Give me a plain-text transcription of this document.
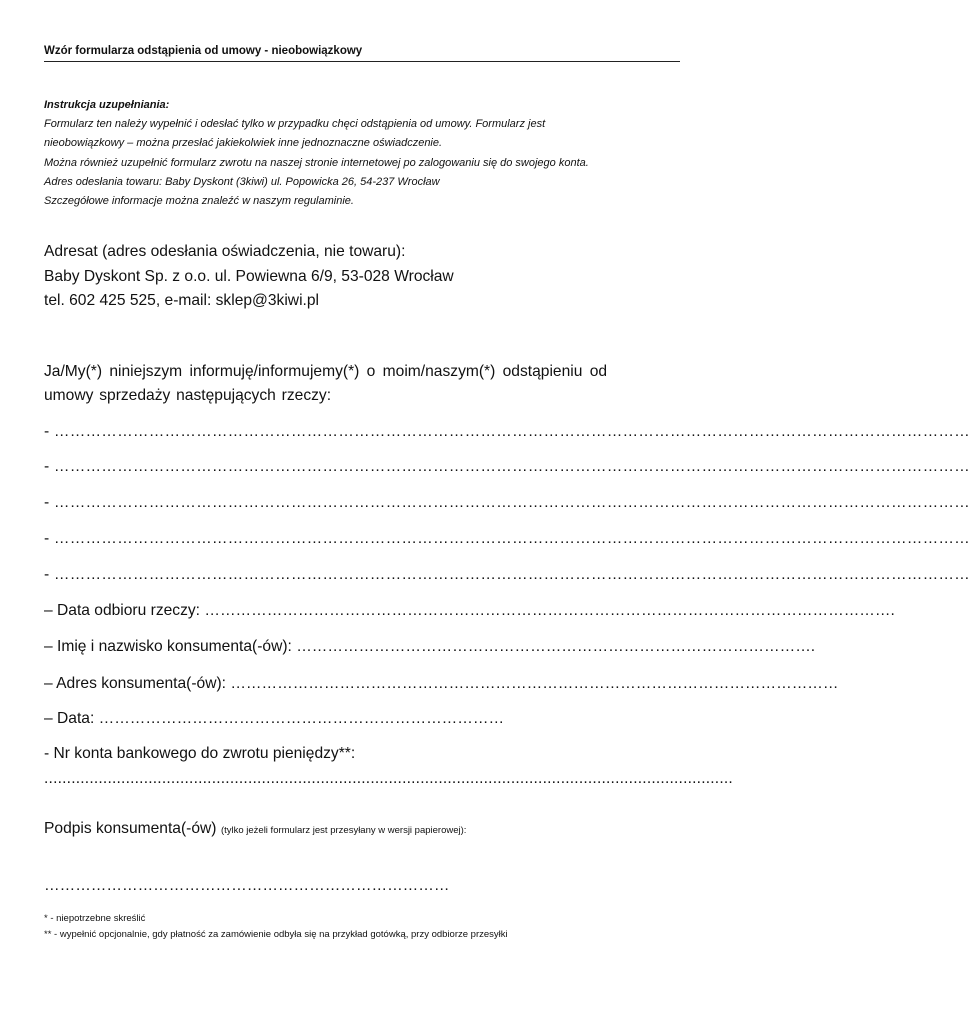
Wzór formularza odstąpienia od umowy - nieobowiązkowy
Instrukcja uzupełniania:
Formularz ten należy wypełnić i odesłać tylko w przypadku chęci odstąpienia od umowy. Formularz jest
nieobowiązkowy – można przesłać jakiekolwiek inne jednoznaczne oświadczenie.
Można również uzupełnić formularz zwrotu na naszej stronie internetowej po zalogowaniu się do swojego konta.
Adres odesłania towaru: Baby Dyskont (3kiwi) ul. Popowicka 26, 54-237 Wrocław
Szczegółowe informacje można znaleźć w naszym regulaminie.
Adresat (adres odesłania oświadczenia, nie towaru):
Baby Dyskont Sp. z o.o. ul. Powiewna 6/9, 53-028 Wrocław
tel. 602 425 525, e-mail: sklep@3kiwi.pl
Ja/My(*) niniejszym informuję/informujemy(*) o moim/naszym(*) odstąpieniu od
umowy sprzedaży następujących rzeczy:
- …………………………………………………………………………………………………………………………………………………………
- …………………………………………………………………………………………………………………………………………………………
- …………………………………………………………………………………………………………………………………………………………
- …………………………………………………………………………………………………………………………………………………………
- …………………………………………………………………………………………………………………………………………………………
– Data odbioru rzeczy: …………………………………………………………………………………………………………………….
– Imię i nazwisko konsumenta(-ów): ……………………………………………………………………………………….
– Adres konsumenta(-ów): ………………………………………………………………………………………………………
– Data: ……………………………………………………………………
- Nr konta bankowego do zwrotu pieniędzy**:
........................................................................................................................................................
Podpis konsumenta(-ów) (tylko jeżeli formularz jest przesyłany w wersji papierowej):
……………………………………………………………………
* - niepotrzebne skreślić
** - wypełnić opcjonalnie, gdy płatność za zamówienie odbyła się na przykład gotówką, przy odbiorze przesyłki
